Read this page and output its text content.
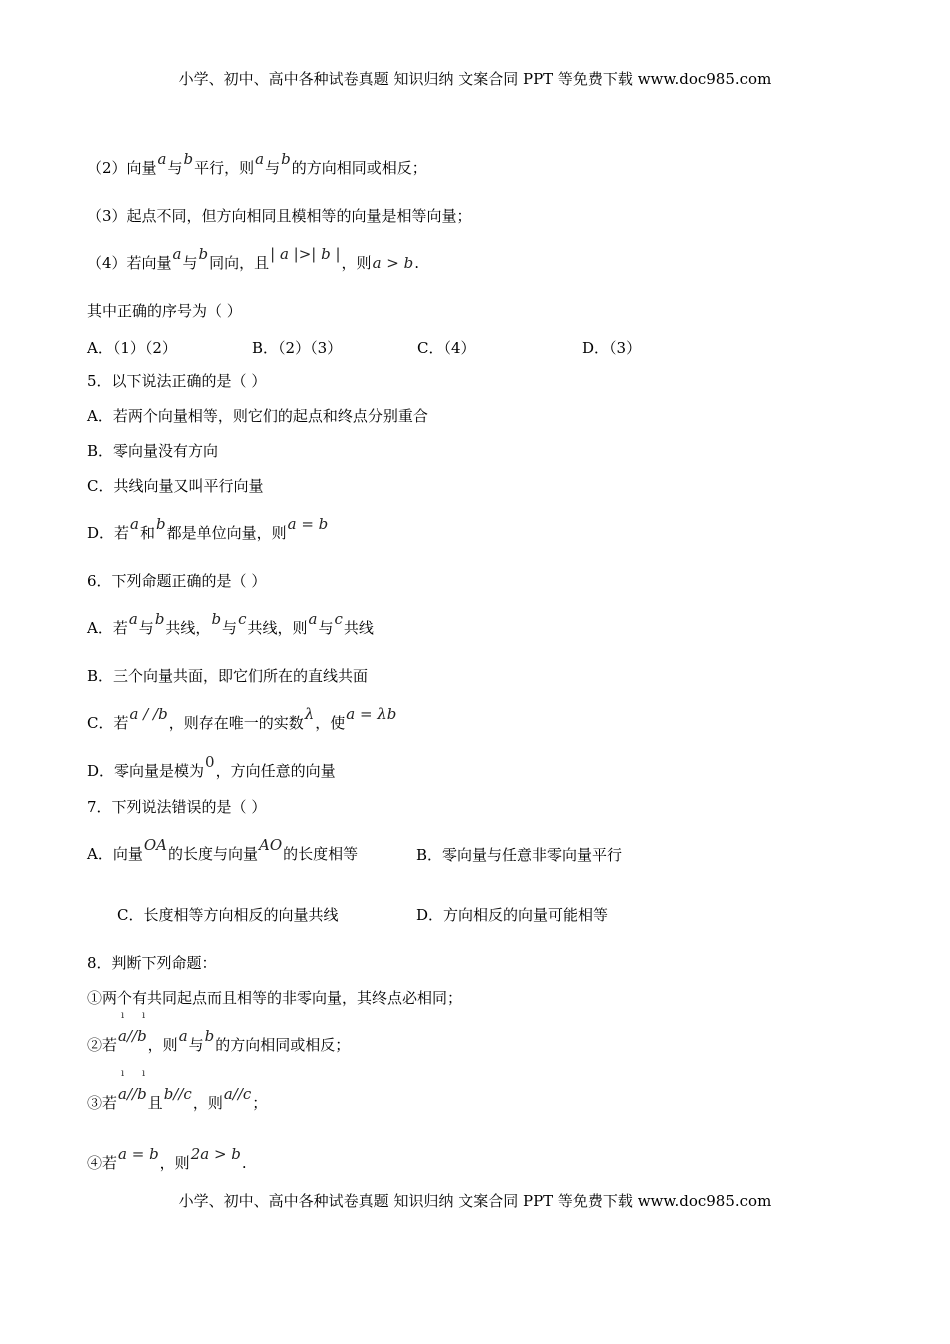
小学、初中、高中各种试卷真题 知识归纳 文案合同 PPT 等免费下载 www.doc985.com
（2）向量a与b平行，则a与b的方向相同或相反；
（3）起点不同，但方向相同且模相等的向量是相等向量；
（4）若向量a与b同向，且| a |>| b |，则a > b.
其中正确的序号为（ ）
A．（1）（2）	B．（2）（3）	C．（4）	D．（3）
5．以下说法正确的是（ ）
A．若两个向量相等，则它们的起点和终点分别重合
B．零向量没有方向
C．共线向量又叫平行向量
D．若a和b都是单位向量，则a = b
6．下列命题正确的是（ ）
A．若a与b共线，b与c共线，则a与c共线
B．三个向量共面，即它们所在的直线共面
C．若a / /b，则存在唯一的实数λ，使a = λb
D．零向量是模为0，方向任意的向量
7．下列说法错误的是（ ）
A．向量OA的长度与向量AO的长度相等	B．零向量与任意非零向量平行
C．长度相等方向相反的向量共线	D．方向相反的向量可能相等
8．判断下列命题：
①两个有共同起点而且相等的非零向量，其终点必相同；
②若
ı ı
a//b，则a与b的方向相同或相反；
③若
ı ı
a//b且b//c，则a//c；
④若a = b，则2a > b.
小学、初中、高中各种试卷真题 知识归纳 文案合同 PPT 等免费下载 www.doc985.com
